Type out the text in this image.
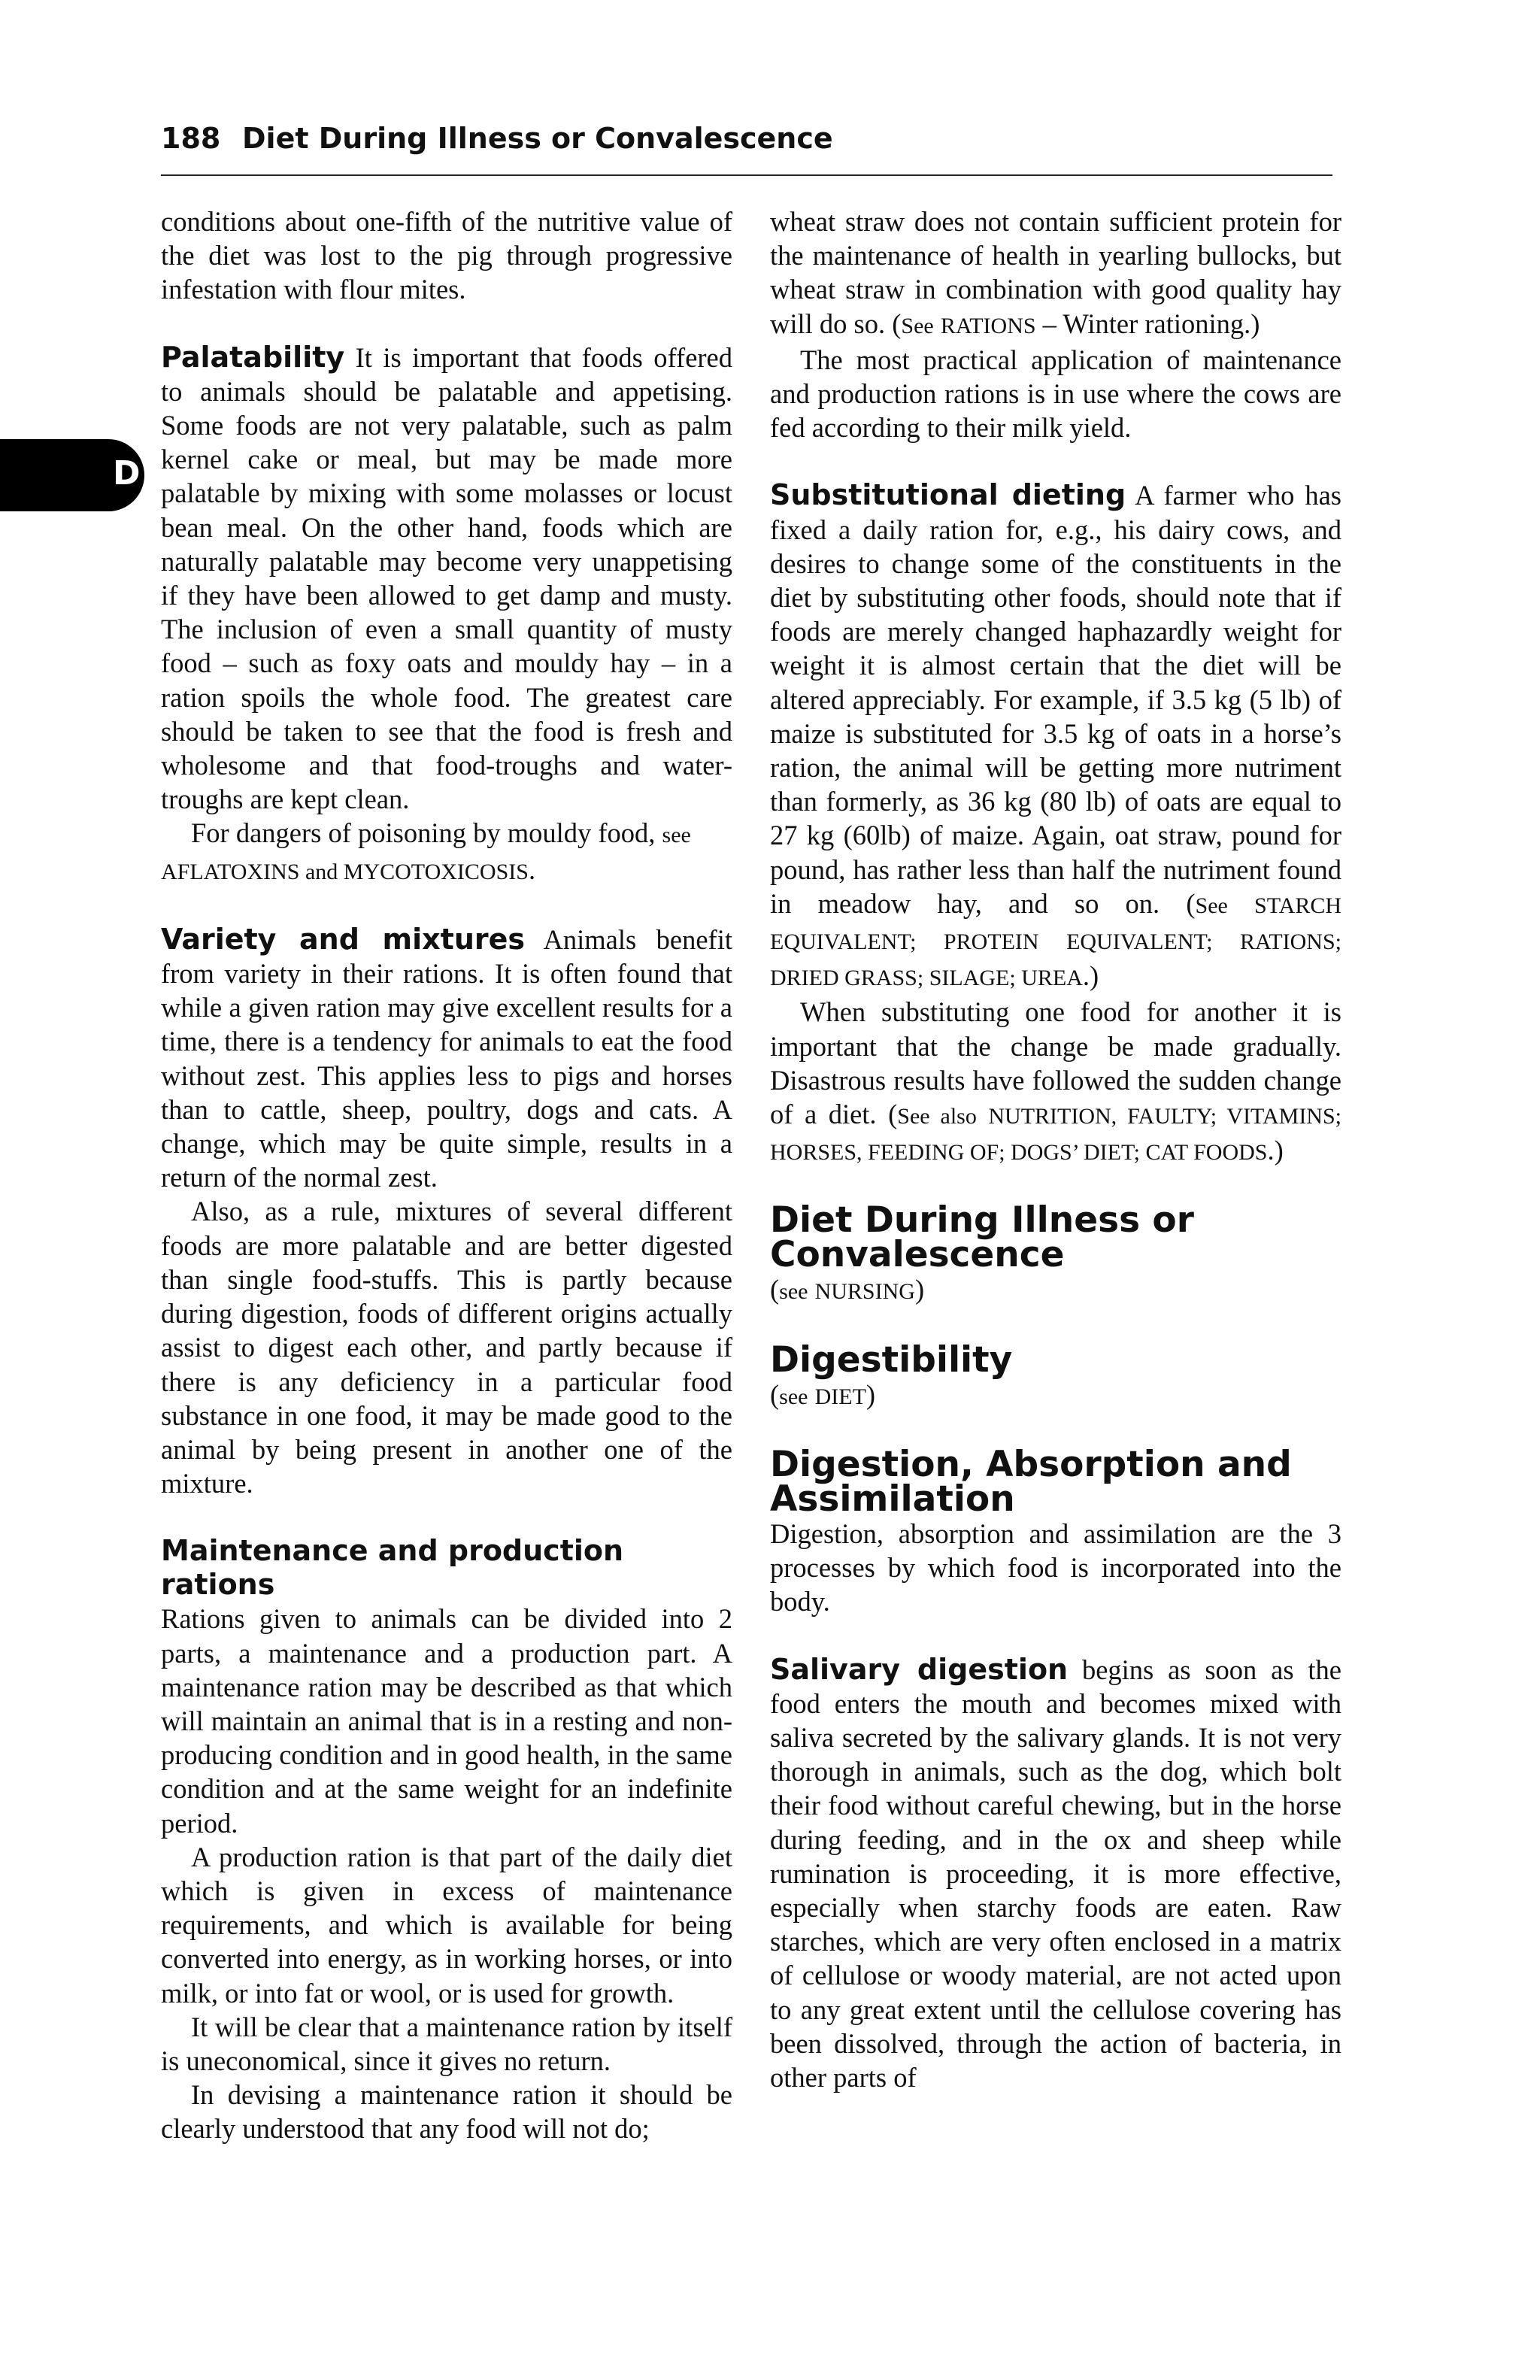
188 Diet During Illness or Convalescence
D

conditions about one-fifth of the nutritive value of the diet was lost to the pig through progressive infestation with flour mites.

Palatability It is important that foods offered to animals should be palatable and appetising. Some foods are not very palatable, such as palm kernel cake or meal, but may be made more palatable by mixing with some molasses or locust bean meal. On the other hand, foods which are naturally palatable may become very unappetising if they have been allowed to get damp and musty. The inclusion of even a small quantity of musty food – such as foxy oats and mouldy hay – in a ration spoils the whole food. The greatest care should be taken to see that the food is fresh and wholesome and that food-troughs and water-troughs are kept clean.

For dangers of poisoning by mouldy food, see
AFLATOXINS and MYCOTOXICOSIS.

Variety and mixtures Animals benefit from variety in their rations. It is often found that while a given ration may give excellent results for a time, there is a tendency for animals to eat the food without zest. This applies less to pigs and horses than to cattle, sheep, poultry, dogs and cats. A change, which may be quite simple, results in a return of the normal zest.

Also, as a rule, mixtures of several different foods are more palatable and are better digested than single food-stuffs. This is partly because during digestion, foods of different origins actually assist to digest each other, and partly because if there is any deficiency in a particular food substance in one food, it may be made good to the animal by being present in another one of the mixture.

Maintenance and production rations

Rations given to animals can be divided into 2 parts, a maintenance and a production part. A maintenance ration may be described as that which will maintain an animal that is in a resting and non-producing condition and in good health, in the same condition and at the same weight for an indefinite period.

A production ration is that part of the daily diet which is given in excess of maintenance requirements, and which is available for being converted into energy, as in working horses, or into milk, or into fat or wool, or is used for growth.

It will be clear that a maintenance ration by itself is uneconomical, since it gives no return.

In devising a maintenance ration it should be clearly understood that any food will not do;

wheat straw does not contain sufficient protein for the maintenance of health in yearling bullocks, but wheat straw in combination with good quality hay will do so. (See RATIONS – Winter rationing.)

The most practical application of maintenance and production rations is in use where the cows are fed according to their milk yield.

Substitutional dieting A farmer who has fixed a daily ration for, e.g., his dairy cows, and desires to change some of the constituents in the diet by substituting other foods, should note that if foods are merely changed haphazardly weight for weight it is almost certain that the diet will be altered appreciably. For example, if 3.5 kg (5 lb) of maize is substituted for 3.5 kg of oats in a horse’s ration, the animal will be getting more nutriment than formerly, as 36 kg (80 lb) of oats are equal to 27 kg (60lb) of maize. Again, oat straw, pound for pound, has rather less than half the nutriment found in meadow hay, and so on. (See STARCH EQUIVALENT; PROTEIN EQUIVALENT; RATIONS; DRIED GRASS; SILAGE; UREA.)

When substituting one food for another it is important that the change be made gradually. Disastrous results have followed the sudden change of a diet. (See also NUTRITION, FAULTY; VITAMINS; HORSES, FEEDING OF; DOGS’ DIET; CAT FOODS.)

Diet During Illness or Convalescence

(see NURSING)

Digestibility

(see DIET)

Digestion, Absorption and Assimilation

Digestion, absorption and assimilation are the 3 processes by which food is incorporated into the body.

Salivary digestion begins as soon as the food enters the mouth and becomes mixed with saliva secreted by the salivary glands. It is not very thorough in animals, such as the dog, which bolt their food without careful chewing, but in the horse during feeding, and in the ox and sheep while rumination is proceeding, it is more effective, especially when starchy foods are eaten. Raw starches, which are very often enclosed in a matrix of cellulose or woody material, are not acted upon to any great extent until the cellulose covering has been dissolved, through the action of bacteria, in other parts of
